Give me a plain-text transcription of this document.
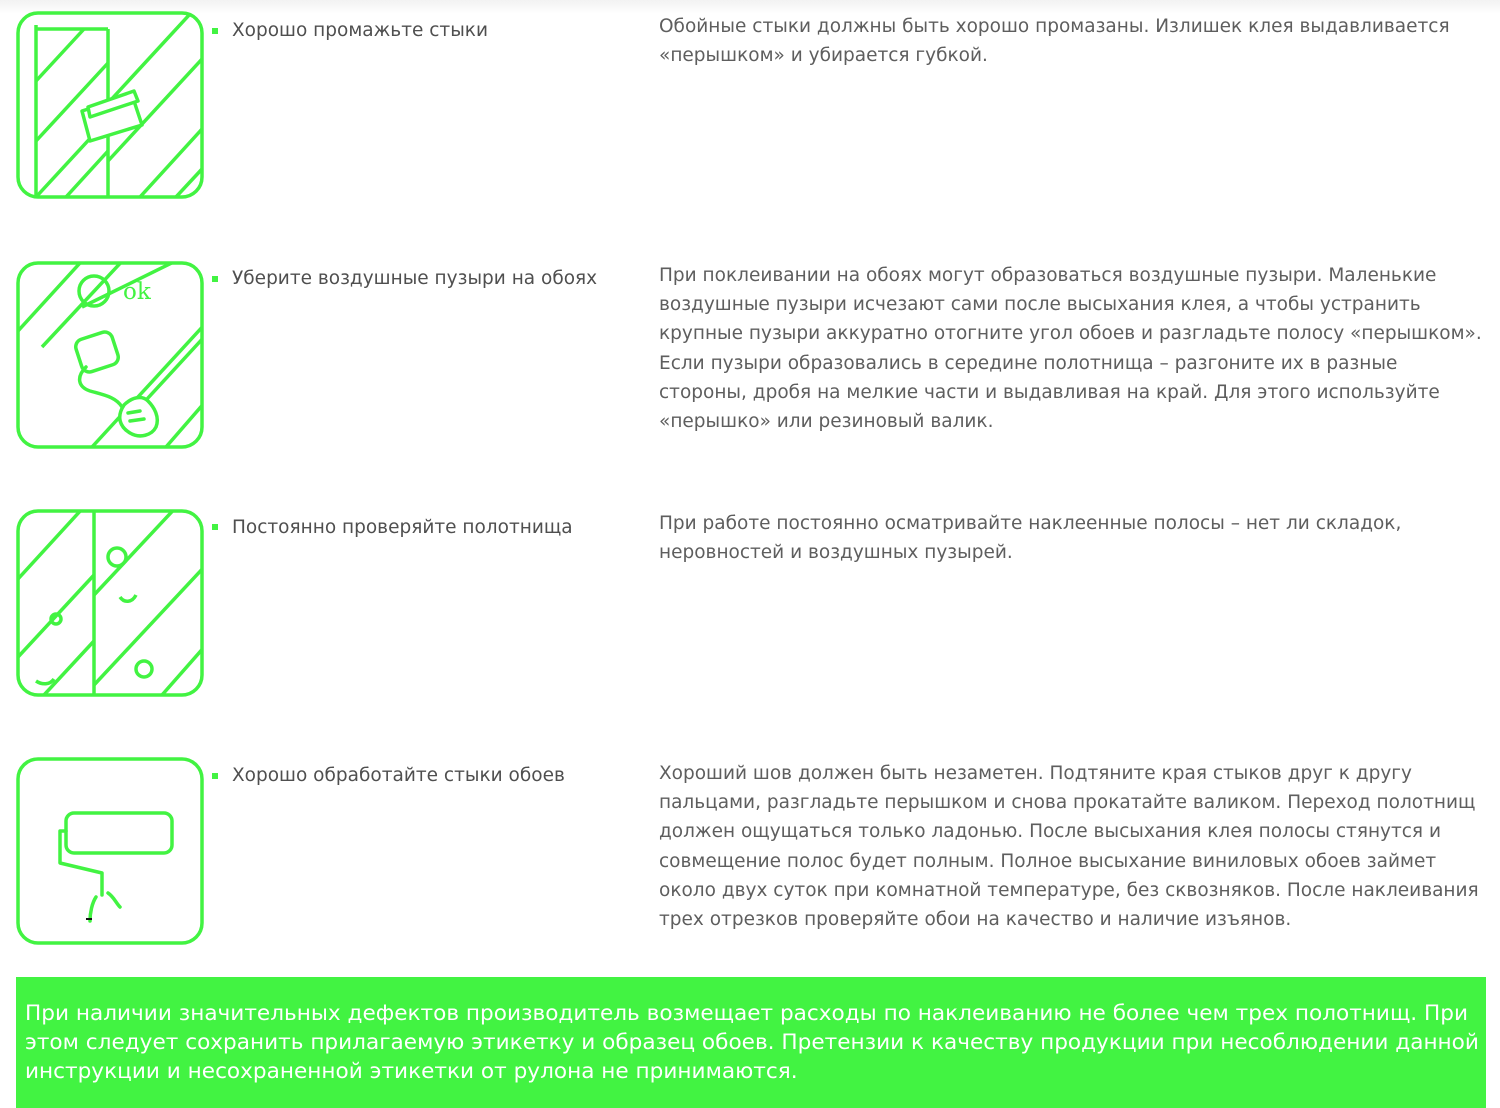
Хорошо промажьте стыки	Обойные стыки должны быть хорошо промазаны. Излишек клея выдавливается «перышком» и убирается губкой.
ok
Уберите воздушные пузыри на обоях	При поклеивании на обоях могут образоваться воздушные пузыри. Маленькие воздушные пузыри исчезают сами после высыхания клея, а чтобы устранить крупные пузыри аккуратно отогните угол обоев и разгладьте полосу «перышком». Если пузыри образовались в середине полотнища – разгоните их в разные стороны, дробя на мелкие части и выдавливая на край. Для этого используйте «перышко» или резиновый валик.
Постоянно проверяйте полотнища	При работе постоянно осматривайте наклеенные полосы – нет ли складок, неровностей и воздушных пузырей.
Хорошо обработайте стыки обоев	Хороший шов должен быть незаметен. Подтяните края стыков друг к другу пальцами, разгладьте перышком и снова прокатайте валиком. Переход полотнищ должен ощущаться только ладонью. После высыхания клея полосы стянутся и совмещение полос будет полным. Полное высыхание виниловых обоев займет около двух суток при комнатной температуре, без сквозняков. После наклеивания трех отрезков проверяйте обои на качество и наличие изъянов.
При наличии значительных дефектов производитель возмещает расходы по наклеиванию не более чем трех полотнищ. При этом следует сохранить прилагаемую этикетку и образец обоев. Претензии к качеству продукции при несоблюдении данной инструкции и несохраненной этикетки от рулона не принимаются.
